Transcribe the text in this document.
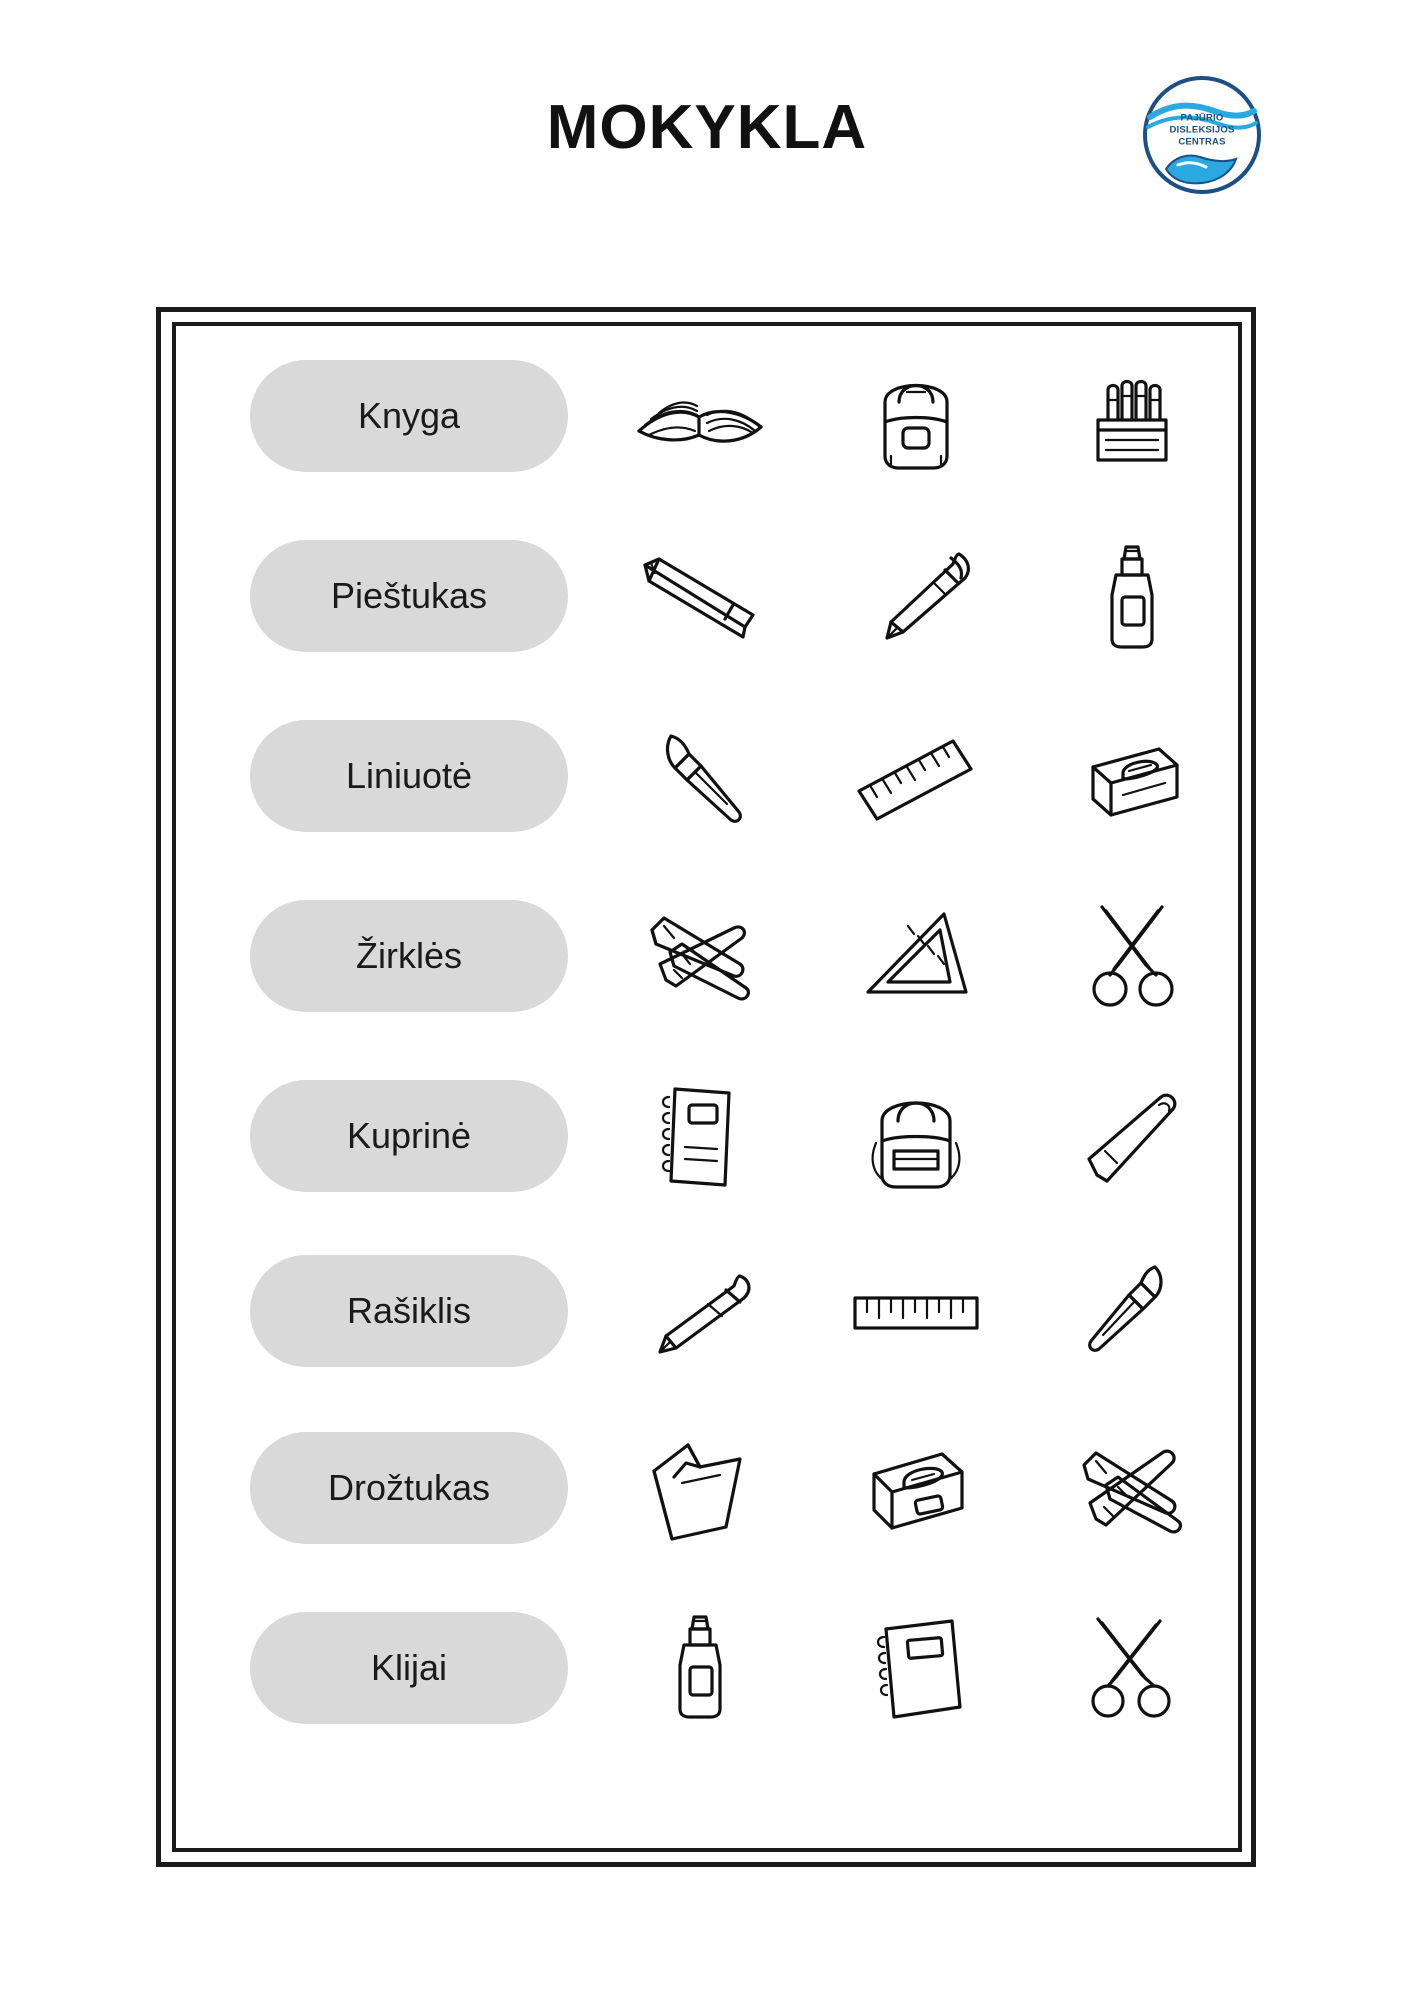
MOKYKLA	PAJŪRIO
DISLEKSIJOS
CENTRAS
Knyga
Pieštukas
Liniuotė
Žirklės
Kuprinė
Rašiklis
Drožtukas
Klijai
